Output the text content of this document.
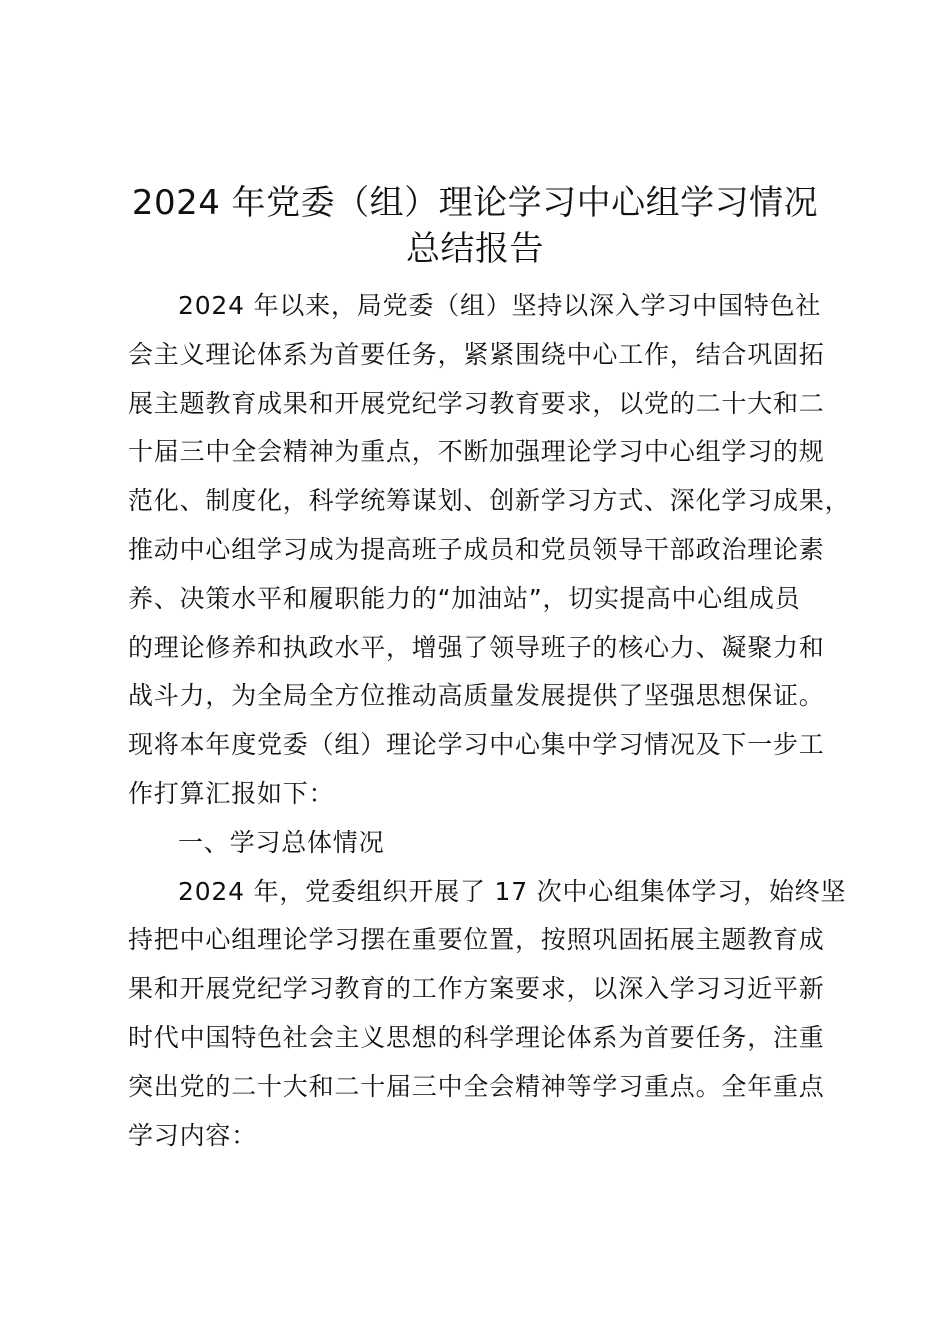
2024 年党委（组）理论学习中心组学习情况
总结报告
2024 年以来，局党委（组）坚持以深入学习中国特色社
会主义理论体系为首要任务，紧紧围绕中心工作，结合巩固拓
展主题教育成果和开展党纪学习教育要求，以党的二十大和二
十届三中全会精神为重点，不断加强理论学习中心组学习的规
范化、制度化，科学统筹谋划、创新学习方式、深化学习成果，
推动中心组学习成为提高班子成员和党员领导干部政治理论素
养、决策水平和履职能力的“加油站”，切实提高中心组成员
的理论修养和执政水平，增强了领导班子的核心力、凝聚力和
战斗力，为全局全方位推动高质量发展提供了坚强思想保证。
现将本年度党委（组）理论学习中心集中学习情况及下一步工
作打算汇报如下：
一、学习总体情况
2024 年，党委组织开展了 17 次中心组集体学习，始终坚
持把中心组理论学习摆在重要位置，按照巩固拓展主题教育成
果和开展党纪学习教育的工作方案要求，以深入学习习近平新
时代中国特色社会主义思想的科学理论体系为首要任务，注重
突出党的二十大和二十届三中全会精神等学习重点。全年重点
学习内容：
